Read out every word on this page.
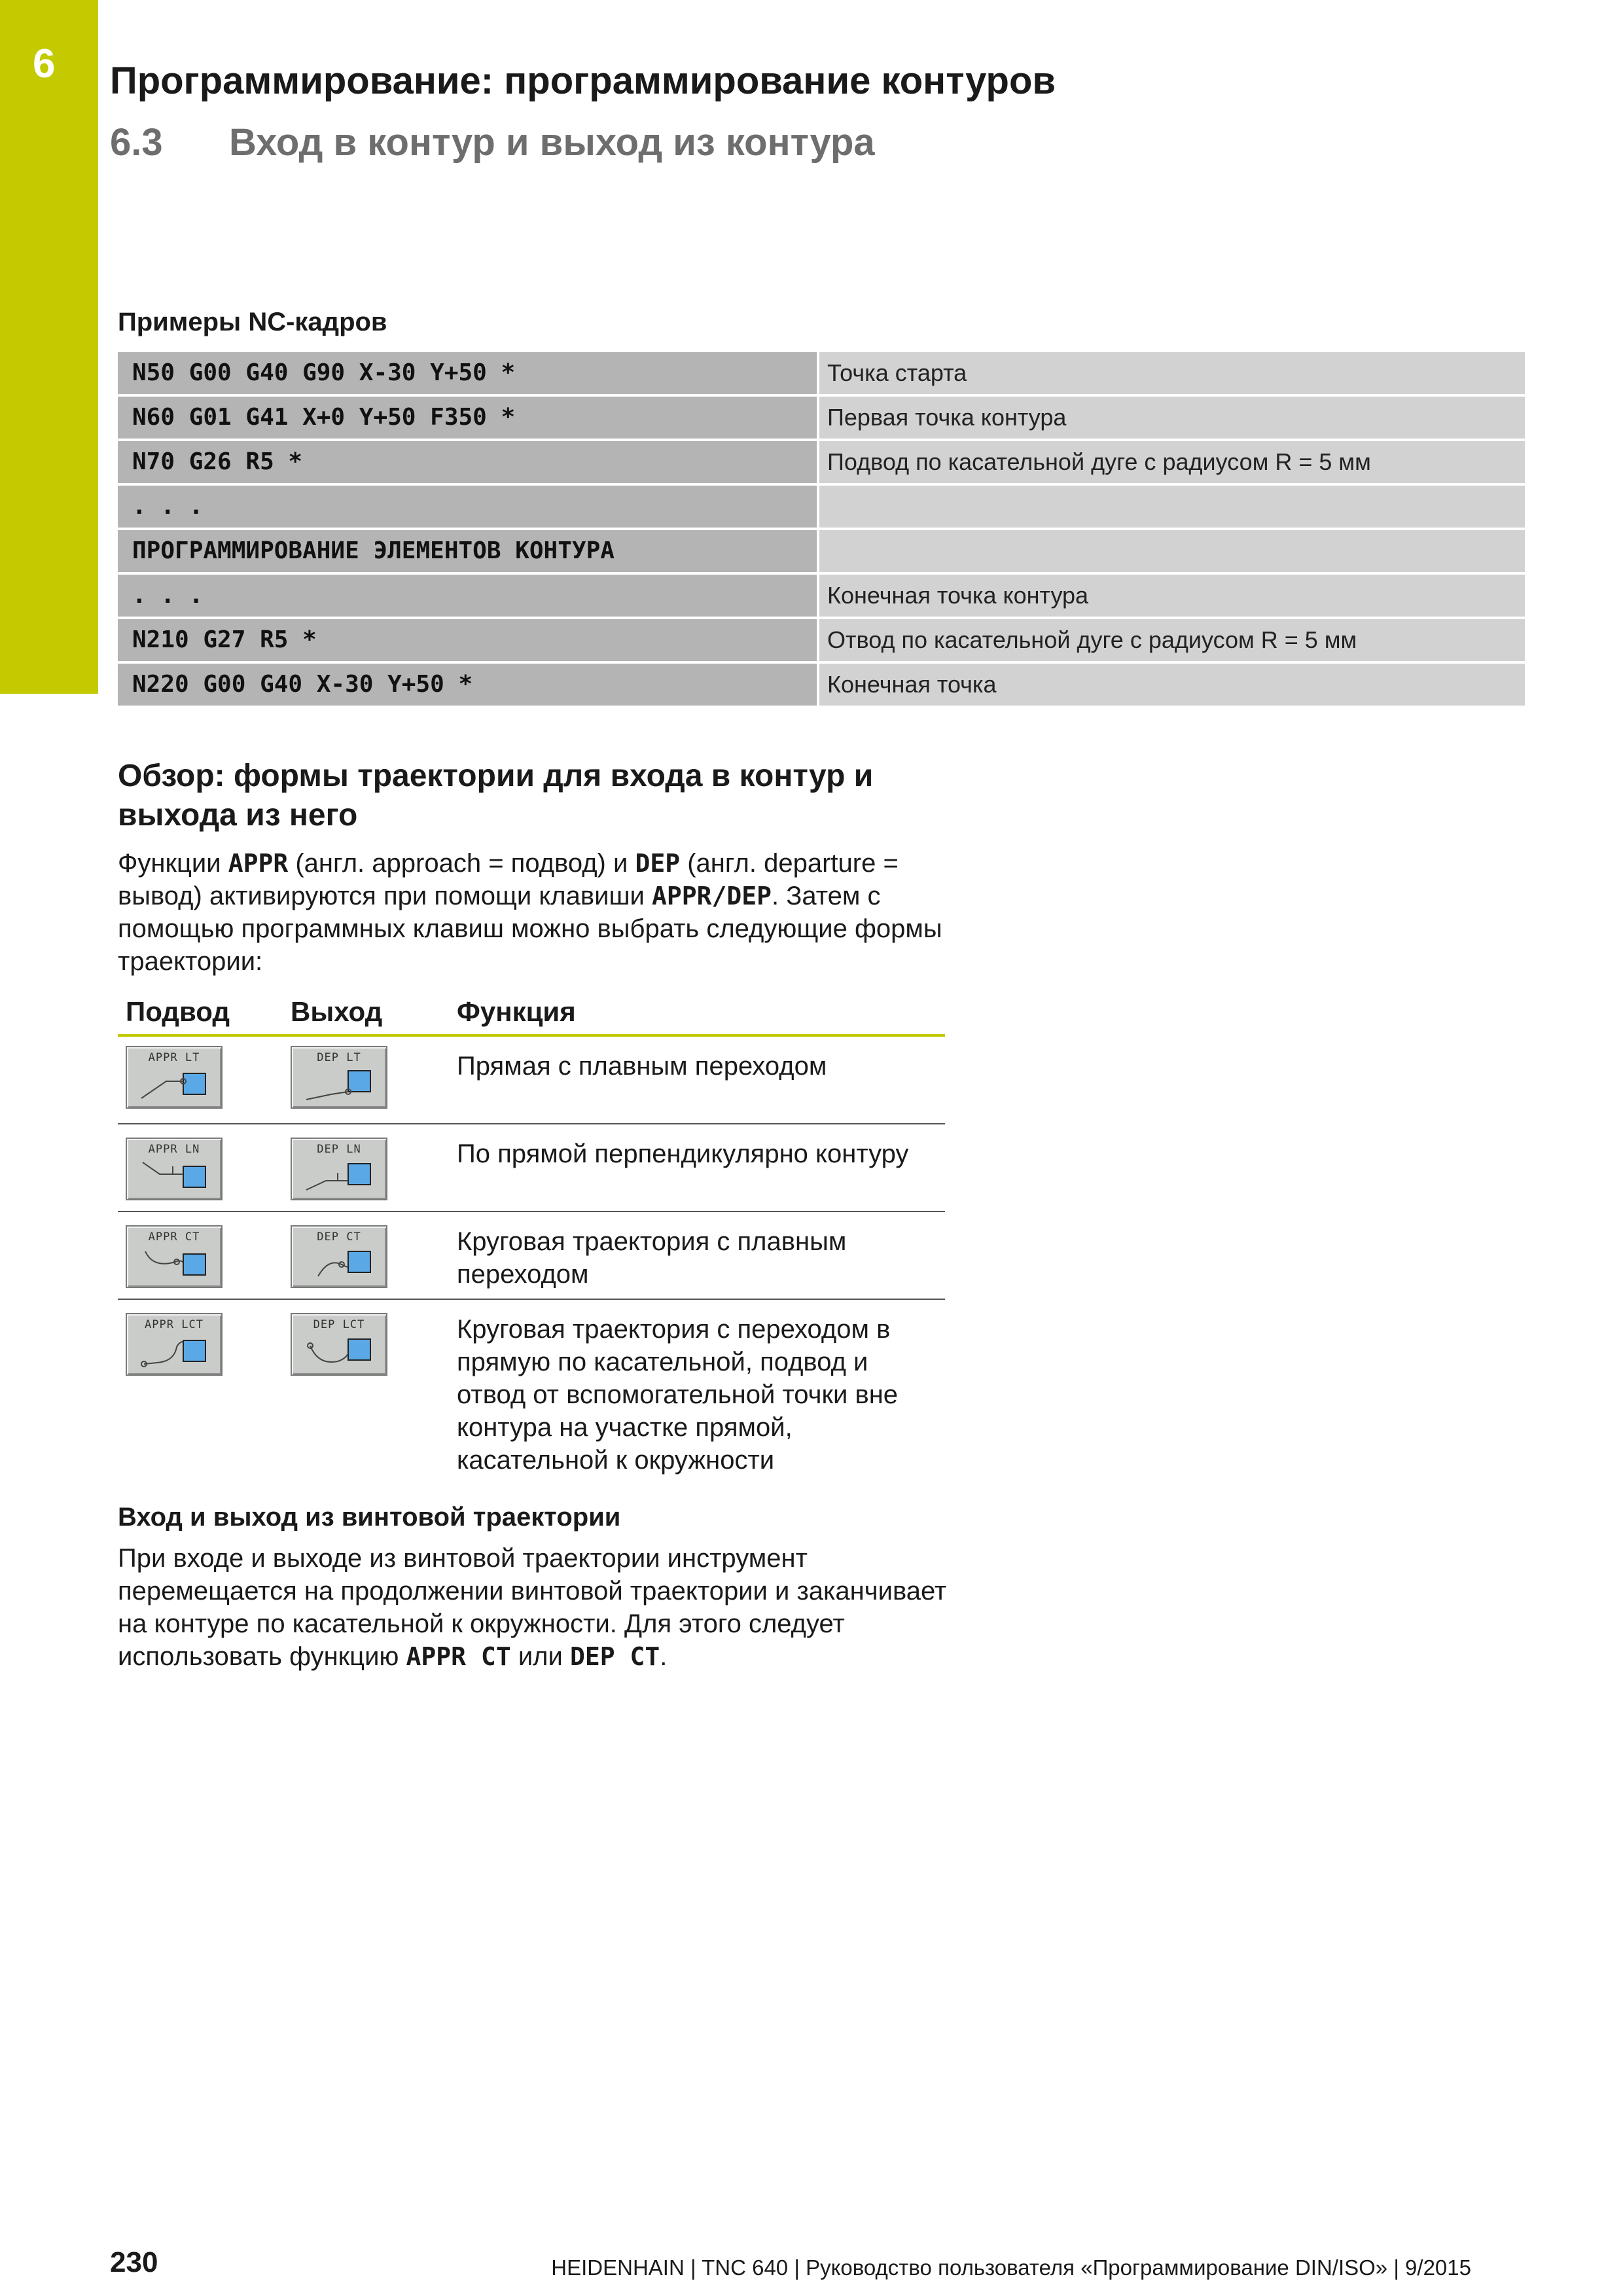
6 Программирование: программирование контуров
6.3 Вход в контур и выход из контура
Примеры NC-кадров
N50 G00 G40 G90 X-30 Y+50 *	Точка старта
N60 G01 G41 X+0 Y+50 F350 *	Первая точка контура
N70 G26 R5 *	Подвод по касательной дуге с радиусом R = 5 мм
. . .
ПРОГРАММИРОВАНИЕ ЭЛЕМЕНТОВ КОНТУРА
. . .	Конечная точка контура
N210 G27 R5 *	Отвод по касательной дуге с радиусом R = 5 мм
N220 G00 G40 X-30 Y+50 *	Конечная точка
Обзор: формы траектории для входа в контур и выхода из него
Функции APPR (англ. approach = подвод) и DEP (англ. departure = вывод) активируются при помощи клавиши APPR/DEP. Затем с помощью программных клавиш можно выбрать следующие формы траектории:
Подвод Выход	Функция
APPR LT	DEP LT	Прямая с плавным переходом
APPR LN	DEP LN	По прямой перпендикулярно контуру
APPR CT	DEP CT	Круговая траектория с плавным переходом
APPR LCT	DEP LCT	Круговая траектория с переходом в прямую по касательной, подвод и отвод от вспомогательной точки вне контура на участке прямой, касательной к окружности
Вход и выход из винтовой траектории
При входе и выходе из винтовой траектории инструмент перемещается на продолжении винтовой траектории и заканчивает на контуре по касательной к окружности. Для этого следует использовать функцию APPR CT или DEP CT.
230	HEIDENHAIN | TNC 640 | Руководство пользователя «Программирование DIN/ISO» | 9/2015
